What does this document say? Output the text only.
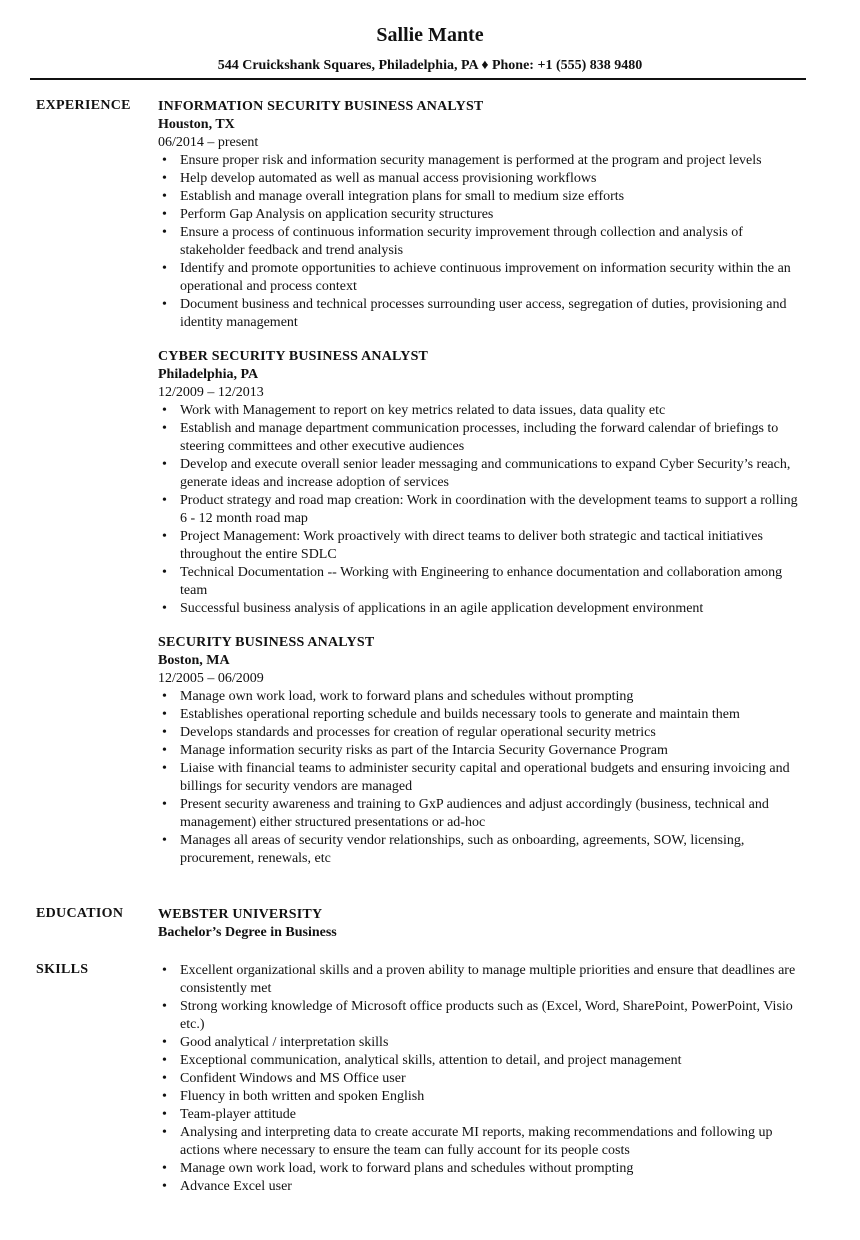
Sallie Mante
544 Cruickshank Squares, Philadelphia, PA ♦ Phone: +1 (555) 838 9480
EXPERIENCE INFORMATION SECURITY BUSINESS ANALYST
Houston, TX
06/2014 – present
• Ensure proper risk and information security management is performed at the program and project levels
• Help develop automated as well as manual access provisioning workflows
• Establish and manage overall integration plans for small to medium size efforts
• Perform Gap Analysis on application security structures
• Ensure a process of continuous information security improvement through collection and analysis of stakeholder feedback and trend analysis
• Identify and promote opportunities to achieve continuous improvement on information security within the an operational and process context
• Document business and technical processes surrounding user access, segregation of duties, provisioning and identity management
CYBER SECURITY BUSINESS ANALYST
Philadelphia, PA
12/2009 – 12/2013
• Work with Management to report on key metrics related to data issues, data quality etc
• Establish and manage department communication processes, including the forward calendar of briefings to steering committees and other executive audiences
• Develop and execute overall senior leader messaging and communications to expand Cyber Security’s reach, generate ideas and increase adoption of services
• Product strategy and road map creation: Work in coordination with the development teams to support a rolling 6 - 12 month road map
• Project Management: Work proactively with direct teams to deliver both strategic and tactical initiatives throughout the entire SDLC
• Technical Documentation -- Working with Engineering to enhance documentation and collaboration among team
• Successful business analysis of applications in an agile application development environment
SECURITY BUSINESS ANALYST
Boston, MA
12/2005 – 06/2009
• Manage own work load, work to forward plans and schedules without prompting
• Establishes operational reporting schedule and builds necessary tools to generate and maintain them
• Develops standards and processes for creation of regular operational security metrics
• Manage information security risks as part of the Intarcia Security Governance Program
• Liaise with financial teams to administer security capital and operational budgets and ensuring invoicing and billings for security vendors are managed
• Present security awareness and training to GxP audiences and adjust accordingly (business, technical and management) either structured presentations or ad-hoc
• Manages all areas of security vendor relationships, such as onboarding, agreements, SOW, licensing, procurement, renewals, etc
EDUCATION WEBSTER UNIVERSITY
Bachelor’s Degree in Business
SKILLS
•	Excellent organizational skills and a proven ability to manage multiple priorities and ensure that deadlines are consistently met
• Strong working knowledge of Microsoft office products such as (Excel, Word, SharePoint, PowerPoint, Visio etc.)
• Good analytical / interpretation skills
• Exceptional communication, analytical skills, attention to detail, and project management
• Confident Windows and MS Office user
• Fluency in both written and spoken English
• Team-player attitude
• Analysing and interpreting data to create accurate MI reports, making recommendations and following up actions where necessary to ensure the team can fully account for its people costs
• Manage own work load, work to forward plans and schedules without prompting
• Advance Excel user
